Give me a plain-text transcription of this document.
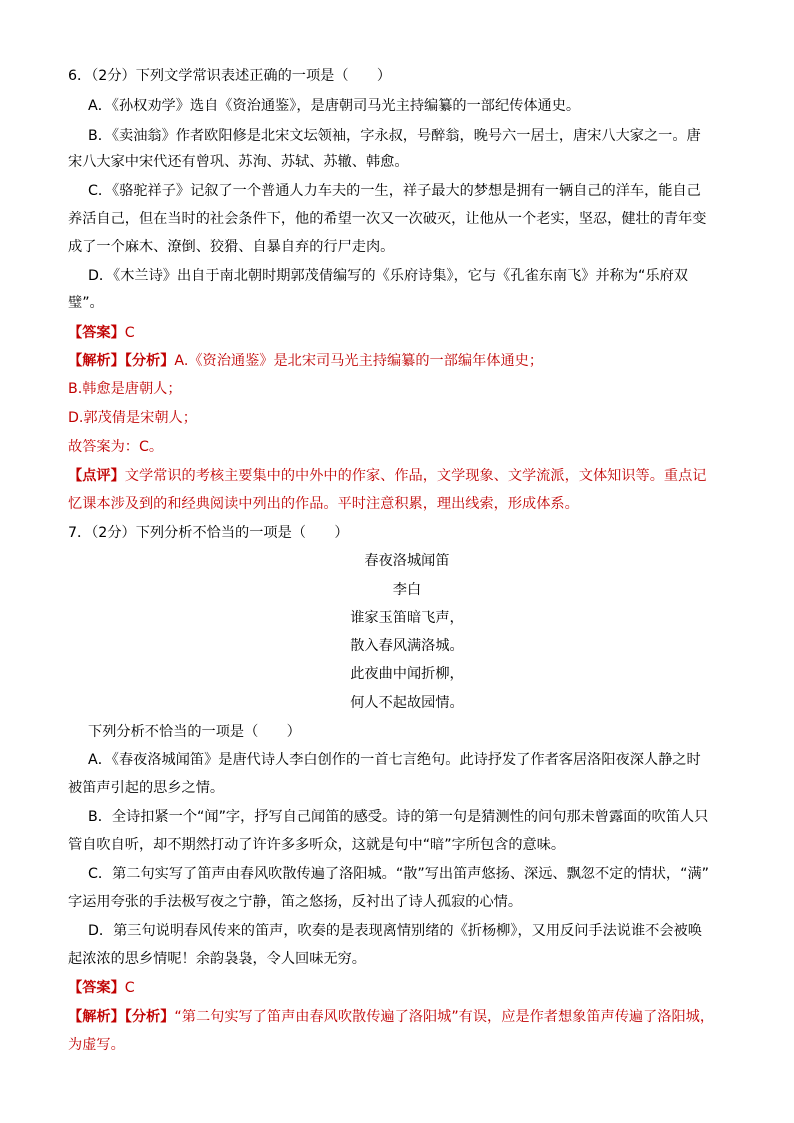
6．（2分）下列文学常识表述正确的一项是（　　）
A．《孙权劝学》选自《资治通鉴》，是唐朝司马光主持编纂的一部纪传体通史。
B．《卖油翁》作者欧阳修是北宋文坛领袖，字永叔，号醉翁，晚号六一居士，唐宋八大家之一。唐
宋八大家中宋代还有曾巩、苏洵、苏轼、苏辙、韩愈。
C．《骆驼祥子》记叙了一个普通人力车夫的一生，祥子最大的梦想是拥有一辆自己的洋车，能自己
养活自己，但在当时的社会条件下，他的希望一次又一次破灭，让他从一个老实，坚忍，健壮的青年变
成了一个麻木、潦倒、狡猾、自暴自弃的行尸走肉。
D．《木兰诗》出自于南北朝时期郭茂倩编写的《乐府诗集》，它与《孔雀东南飞》并称为“乐府双
璧”。
【答案】C
【解析】【分析】A.《资治通鉴》是北宋司马光主持编纂的一部编年体通史；
B.韩愈是唐朝人；
D.郭茂倩是宋朝人；
故答案为：C。
【点评】文学常识的考核主要集中的中外中的作家、作品，文学现象、文学流派，文体知识等。重点记
忆课本涉及到的和经典阅读中列出的作品。平时注意积累，理出线索，形成体系。
7．（2分）下列分析不恰当的一项是（　　）
春夜洛城闻笛
李白
谁家玉笛暗飞声，
散入春风满洛城。
此夜曲中闻折柳，
何人不起故园情。
下列分析不恰当的一项是（　　）
A．《春夜洛城闻笛》是唐代诗人李白创作的一首七言绝句。此诗抒发了作者客居洛阳夜深人静之时
被笛声引起的思乡之情。
B．全诗扣紧一个“闻”字，抒写自己闻笛的感受。诗的第一句是猜测性的问句那未曾露面的吹笛人只
管自吹自听，却不期然打动了许许多多听众，这就是句中“暗”字所包含的意味。
C．第二句实写了笛声由春风吹散传遍了洛阳城。“散”写出笛声悠扬、深远、飘忽不定的情状，“满”
字运用夸张的手法极写夜之宁静，笛之悠扬，反衬出了诗人孤寂的心情。
D．第三句说明春风传来的笛声，吹奏的是表现离情别绪的《折杨柳》，又用反问手法说谁不会被唤
起浓浓的思乡情呢！余韵袅袅，令人回味无穷。
【答案】C
【解析】【分析】“第二句实写了笛声由春风吹散传遍了洛阳城”有误，应是作者想象笛声传遍了洛阳城，
为虚写。
